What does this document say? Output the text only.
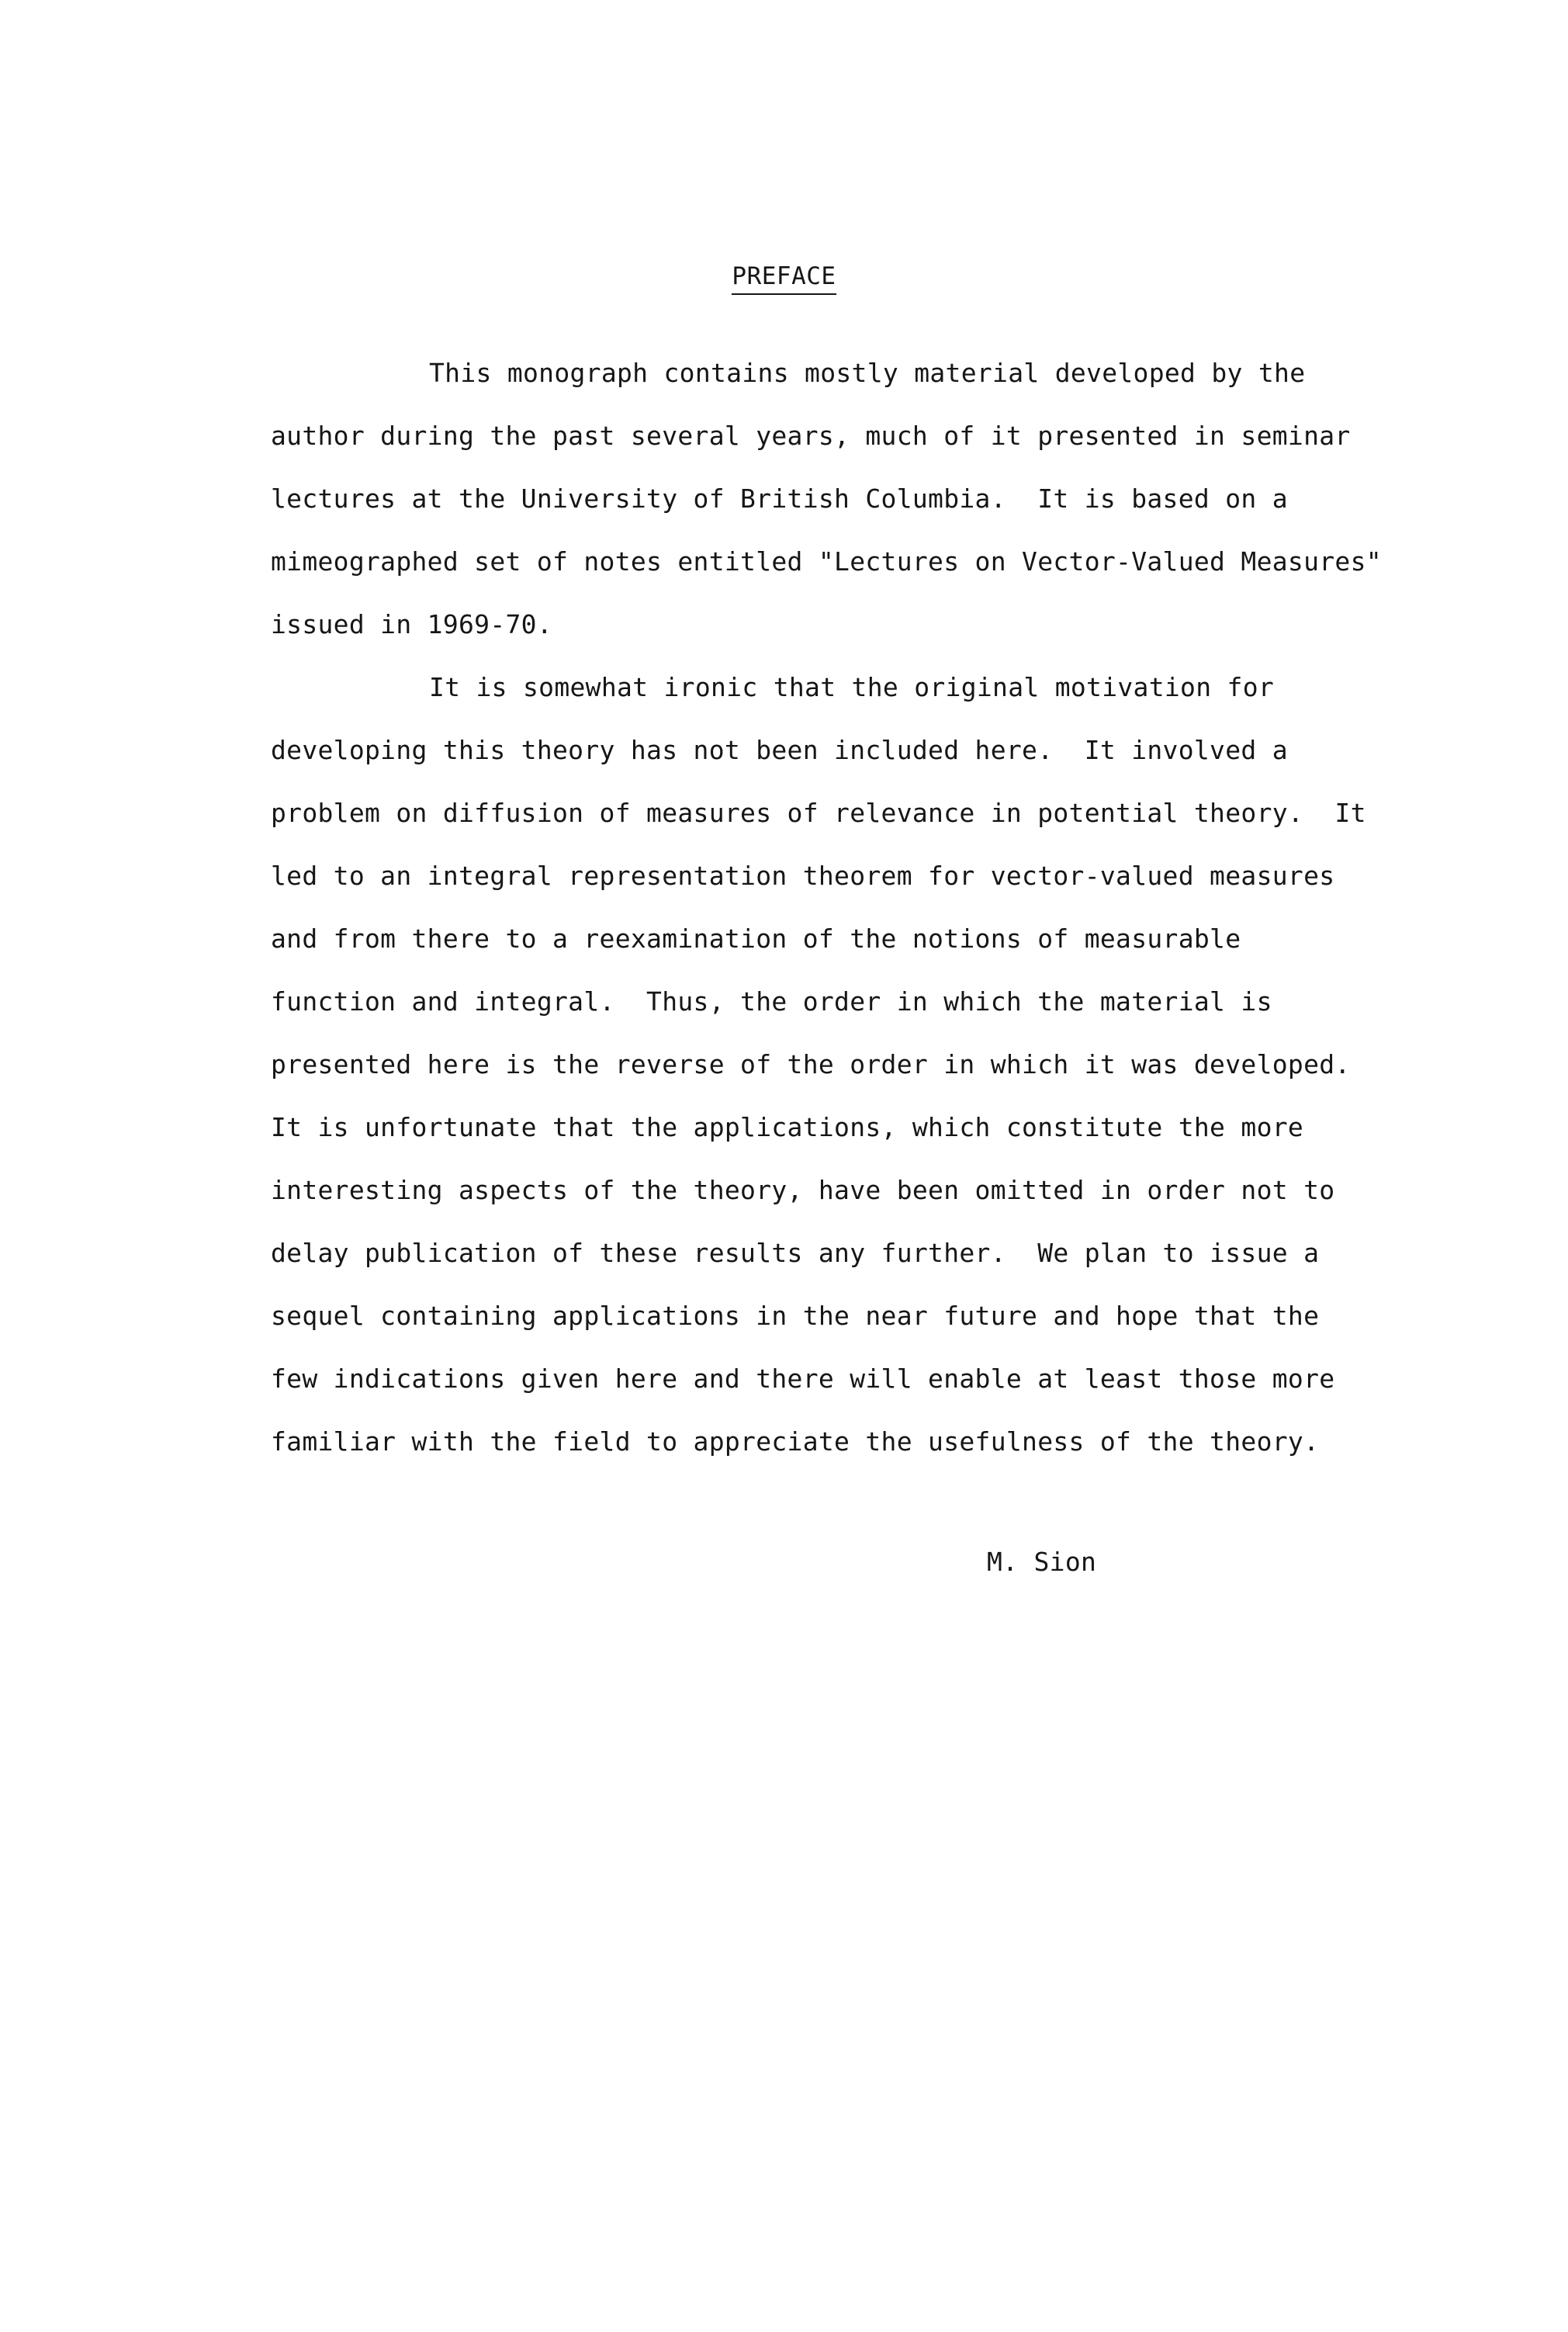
PREFACE
This monograph contains mostly material developed by the
author during the past several years, much of it presented in seminar
lectures at the University of British Columbia.  It is based on a
mimeographed set of notes entitled "Lectures on Vector-Valued Measures"
issued in 1969-70.
It is somewhat ironic that the original motivation for
developing this theory has not been included here.  It involved a
problem on diffusion of measures of relevance in potential theory.  It
led to an integral representation theorem for vector-valued measures
and from there to a reexamination of the notions of measurable
function and integral.  Thus, the order in which the material is
presented here is the reverse of the order in which it was developed.
It is unfortunate that the applications, which constitute the more
interesting aspects of the theory, have been omitted in order not to
delay publication of these results any further.  We plan to issue a
sequel containing applications in the near future and hope that the
few indications given here and there will enable at least those more
familiar with the field to appreciate the usefulness of the theory.
M. Sion
